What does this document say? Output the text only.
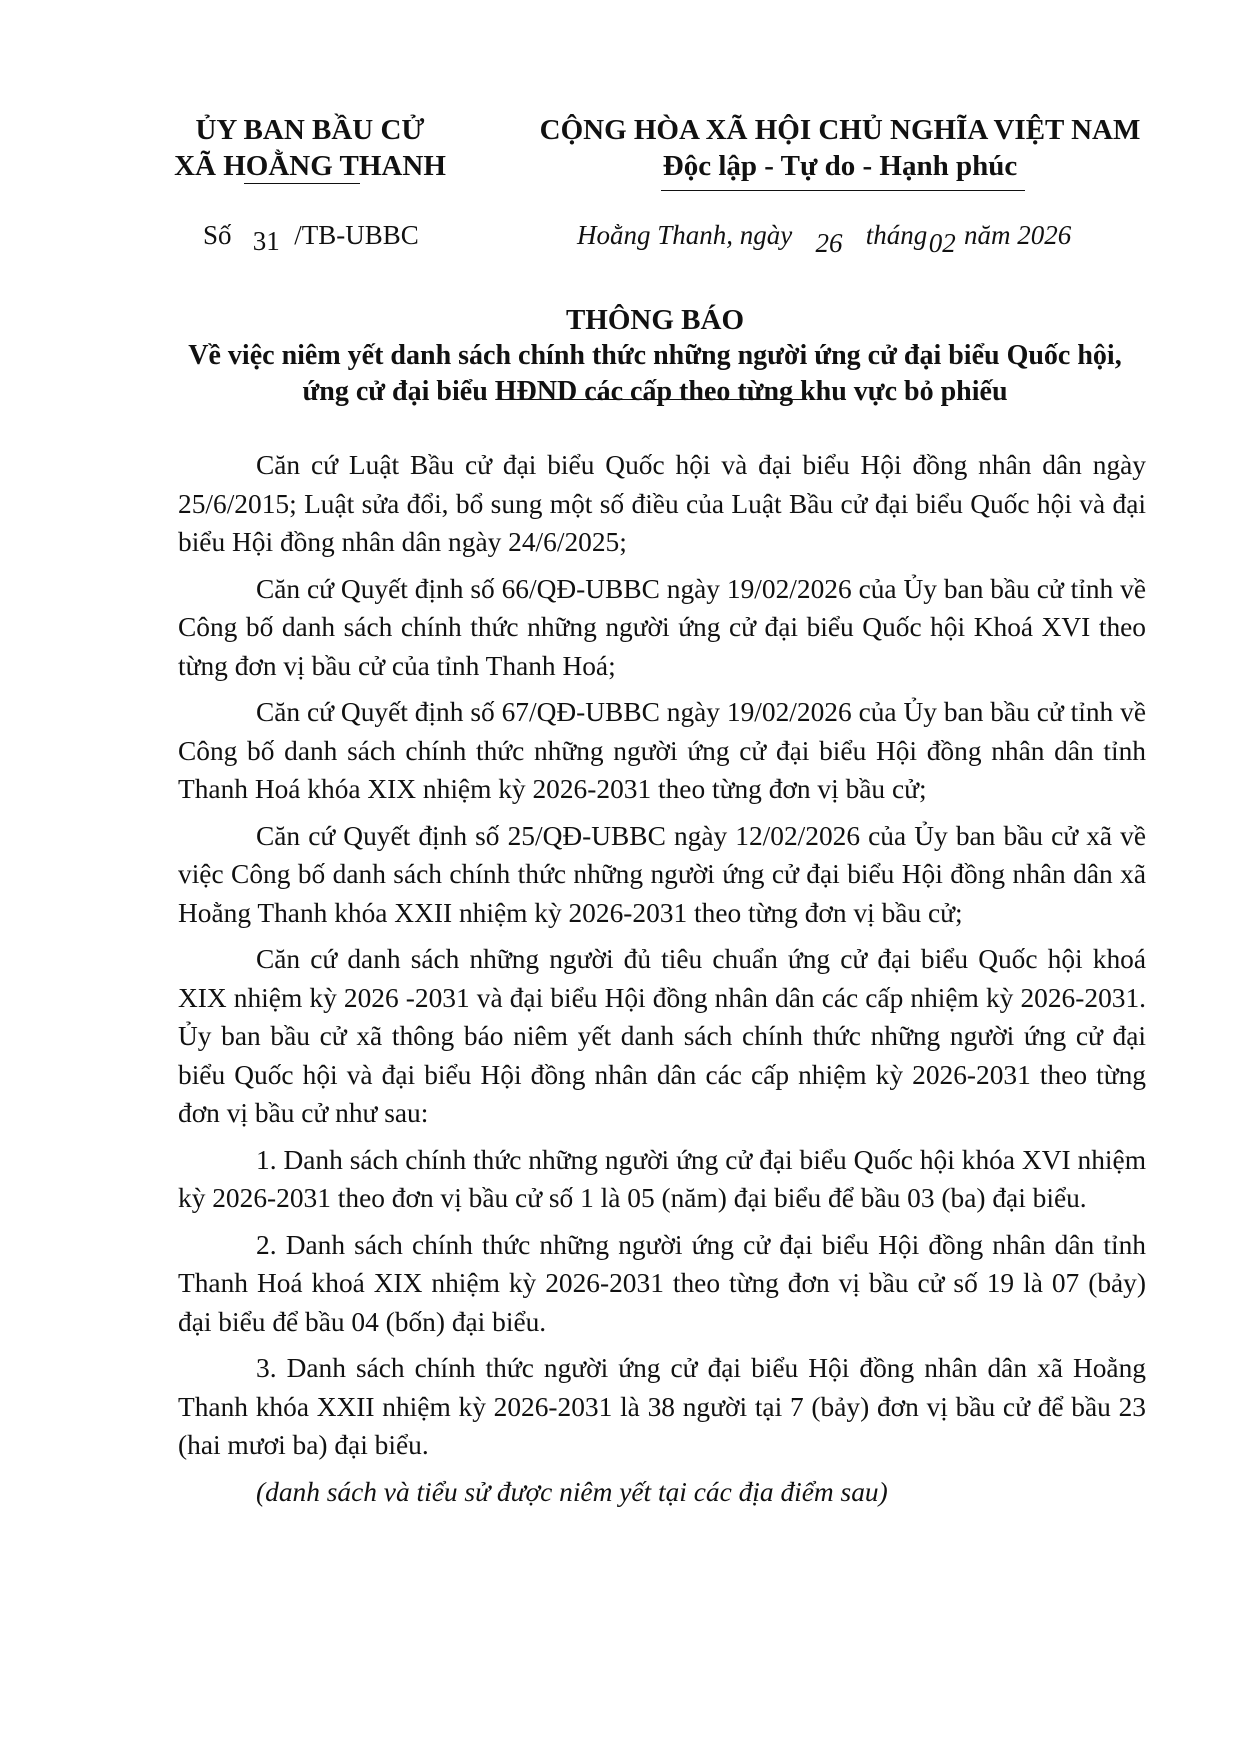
ỦY BAN BẦU CỬ
XÃ HOẰNG THANH
CỘNG HÒA XÃ HỘI CHỦ NGHĨA VIỆT NAM
Độc lập - Tự do - Hạnh phúc
Số 31 /TB-UBBC	Hoằng Thanh, ngày 26 tháng02 năm 2026
THÔNG BÁO
Về việc niêm yết danh sách chính thức những người ứng cử đại biểu Quốc hội,
ứng cử đại biểu HĐND các cấp theo từng khu vực bỏ phiếu

Căn cứ Luật Bầu cử đại biểu Quốc hội và đại biểu Hội đồng nhân dân ngày 25/6/2015; Luật sửa đổi, bổ sung một số điều của Luật Bầu cử đại biểu Quốc hội và đại biểu Hội đồng nhân dân ngày 24/6/2025;

Căn cứ Quyết định số 66/QĐ-UBBC ngày 19/02/2026 của Ủy ban bầu cử tỉnh về Công bố danh sách chính thức những người ứng cử đại biểu Quốc hội Khoá XVI theo từng đơn vị bầu cử của tỉnh Thanh Hoá;

Căn cứ Quyết định số 67/QĐ-UBBC ngày 19/02/2026 của Ủy ban bầu cử tỉnh về Công bố danh sách chính thức những người ứng cử đại biểu Hội đồng nhân dân tỉnh Thanh Hoá khóa XIX nhiệm kỳ 2026-2031 theo từng đơn vị bầu cử;

Căn cứ Quyết định số 25/QĐ-UBBC ngày 12/02/2026 của Ủy ban bầu cử xã về việc Công bố danh sách chính thức những người ứng cử đại biểu Hội đồng nhân dân xã Hoằng Thanh khóa XXII nhiệm kỳ 2026-2031 theo từng đơn vị bầu cử;

Căn cứ danh sách những người đủ tiêu chuẩn ứng cử đại biểu Quốc hội khoá XIX nhiệm kỳ 2026 -2031 và đại biểu Hội đồng nhân dân các cấp nhiệm kỳ 2026-2031. Ủy ban bầu cử xã thông báo niêm yết danh sách chính thức những người ứng cử đại biểu Quốc hội và đại biểu Hội đồng nhân dân các cấp nhiệm kỳ 2026-2031 theo từng đơn vị bầu cử như sau:

1. Danh sách chính thức những người ứng cử đại biểu Quốc hội khóa XVI nhiệm kỳ 2026-2031 theo đơn vị bầu cử số 1 là 05 (năm) đại biểu để bầu 03 (ba) đại biểu.

2. Danh sách chính thức những người ứng cử đại biểu Hội đồng nhân dân tỉnh Thanh Hoá khoá XIX nhiệm kỳ 2026-2031 theo từng đơn vị bầu cử số 19 là 07 (bảy) đại biểu để bầu 04 (bốn) đại biểu.

3. Danh sách chính thức người ứng cử đại biểu Hội đồng nhân dân xã Hoằng Thanh khóa XXII nhiệm kỳ 2026-2031 là 38 người tại 7 (bảy) đơn vị bầu cử để bầu 23 (hai mươi ba) đại biểu.

(danh sách và tiểu sử được niêm yết tại các địa điểm sau)
